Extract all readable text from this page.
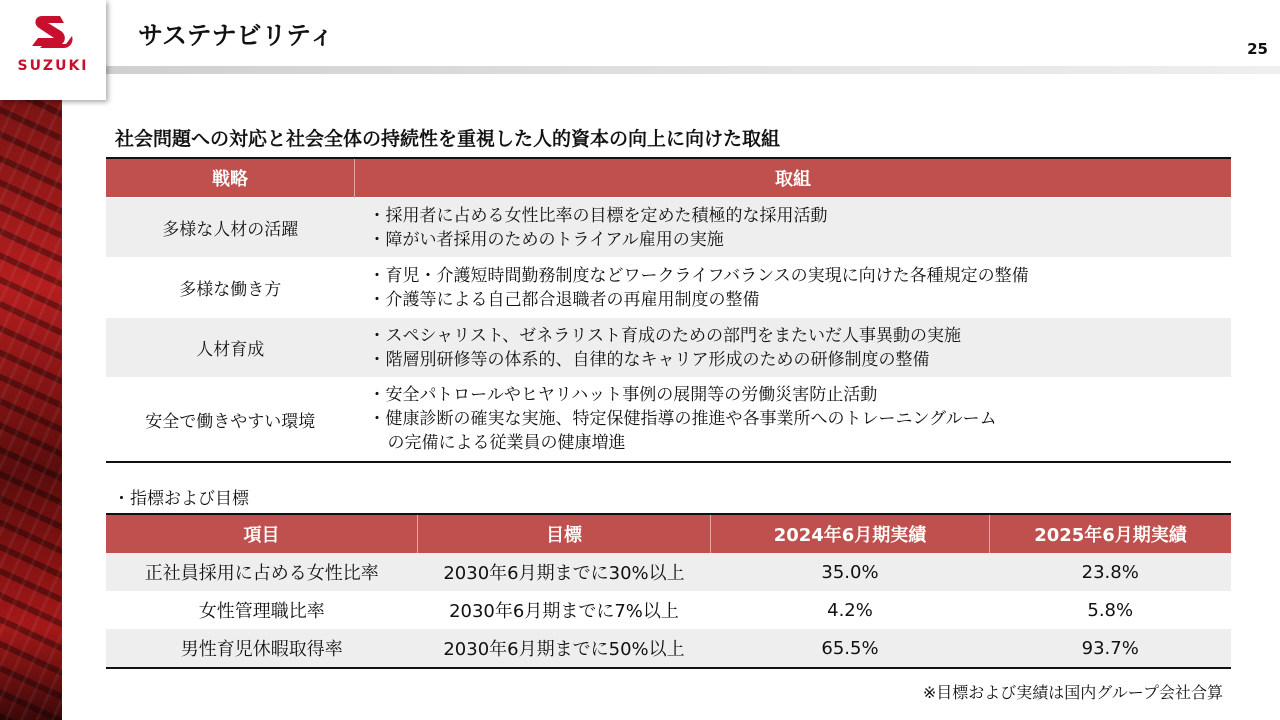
SUZUKI
サステナビリティ	25
社会問題への対応と社会全体の持続性を重視した人的資本の向上に向けた取組
戦略	取組
多様な人材の活躍	・採用者に占める女性比率の目標を定めた積極的な採用活動
・障がい者採用のためのトライアル雇用の実施

多様な働き方	・育児・介護短時間勤務制度などワークライフバランスの実現に向けた各種規定の整備
・介護等による自己都合退職者の再雇用制度の整備

人材育成	・スペシャリスト、ゼネラリスト育成のための部門をまたいだ人事異動の実施
・階層別研修等の体系的、自律的なキャリア形成のための研修制度の整備

安全で働きやすい環境	・安全パトロールやヒヤリハット事例の展開等の労働災害防止活動
・健康診断の確実な実施、特定保健指導の推進や各事業所へのトレーニングルーム
の完備による従業員の健康増進
・指標および目標
項目	目標	2024年6月期実績	2025年6月期実績
正社員採用に占める女性比率	2030年6月期までに30%以上	35.0%	23.8%
女性管理職比率	2030年6月期までに7%以上	4.2%	5.8%
男性育児休暇取得率	2030年6月期までに50%以上	65.5%	93.7%
※目標および実績は国内グループ会社合算
